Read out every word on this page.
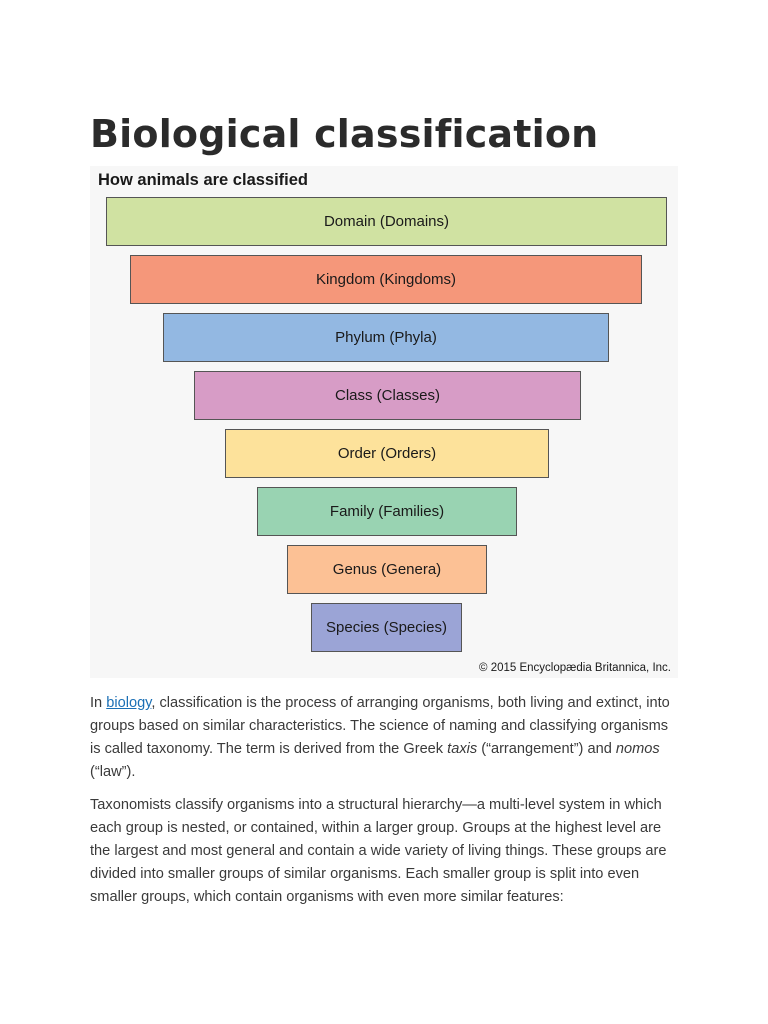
Biological classification
How animals are classified
Domain (Domains)
Kingdom (Kingdoms)
Phylum (Phyla)
Class (Classes)
Order (Orders)
Family (Families)
Genus (Genera)
Species (Species)
© 2015 Encyclopædia Britannica, Inc.

In biology, classification is the process of arranging organisms, both living and extinct, into groups based on similar characteristics. The science of naming and classifying organisms is called taxonomy. The term is derived from the Greek taxis (“arrangement”) and nomos (“law”).

Taxonomists classify organisms into a structural hierarchy—a multi-level system in which each group is nested, or contained, within a larger group. Groups at the highest level are the largest and most general and contain a wide variety of living things. These groups are divided into smaller groups of similar organisms. Each smaller group is split into even smaller groups, which contain organisms with even more similar features:
